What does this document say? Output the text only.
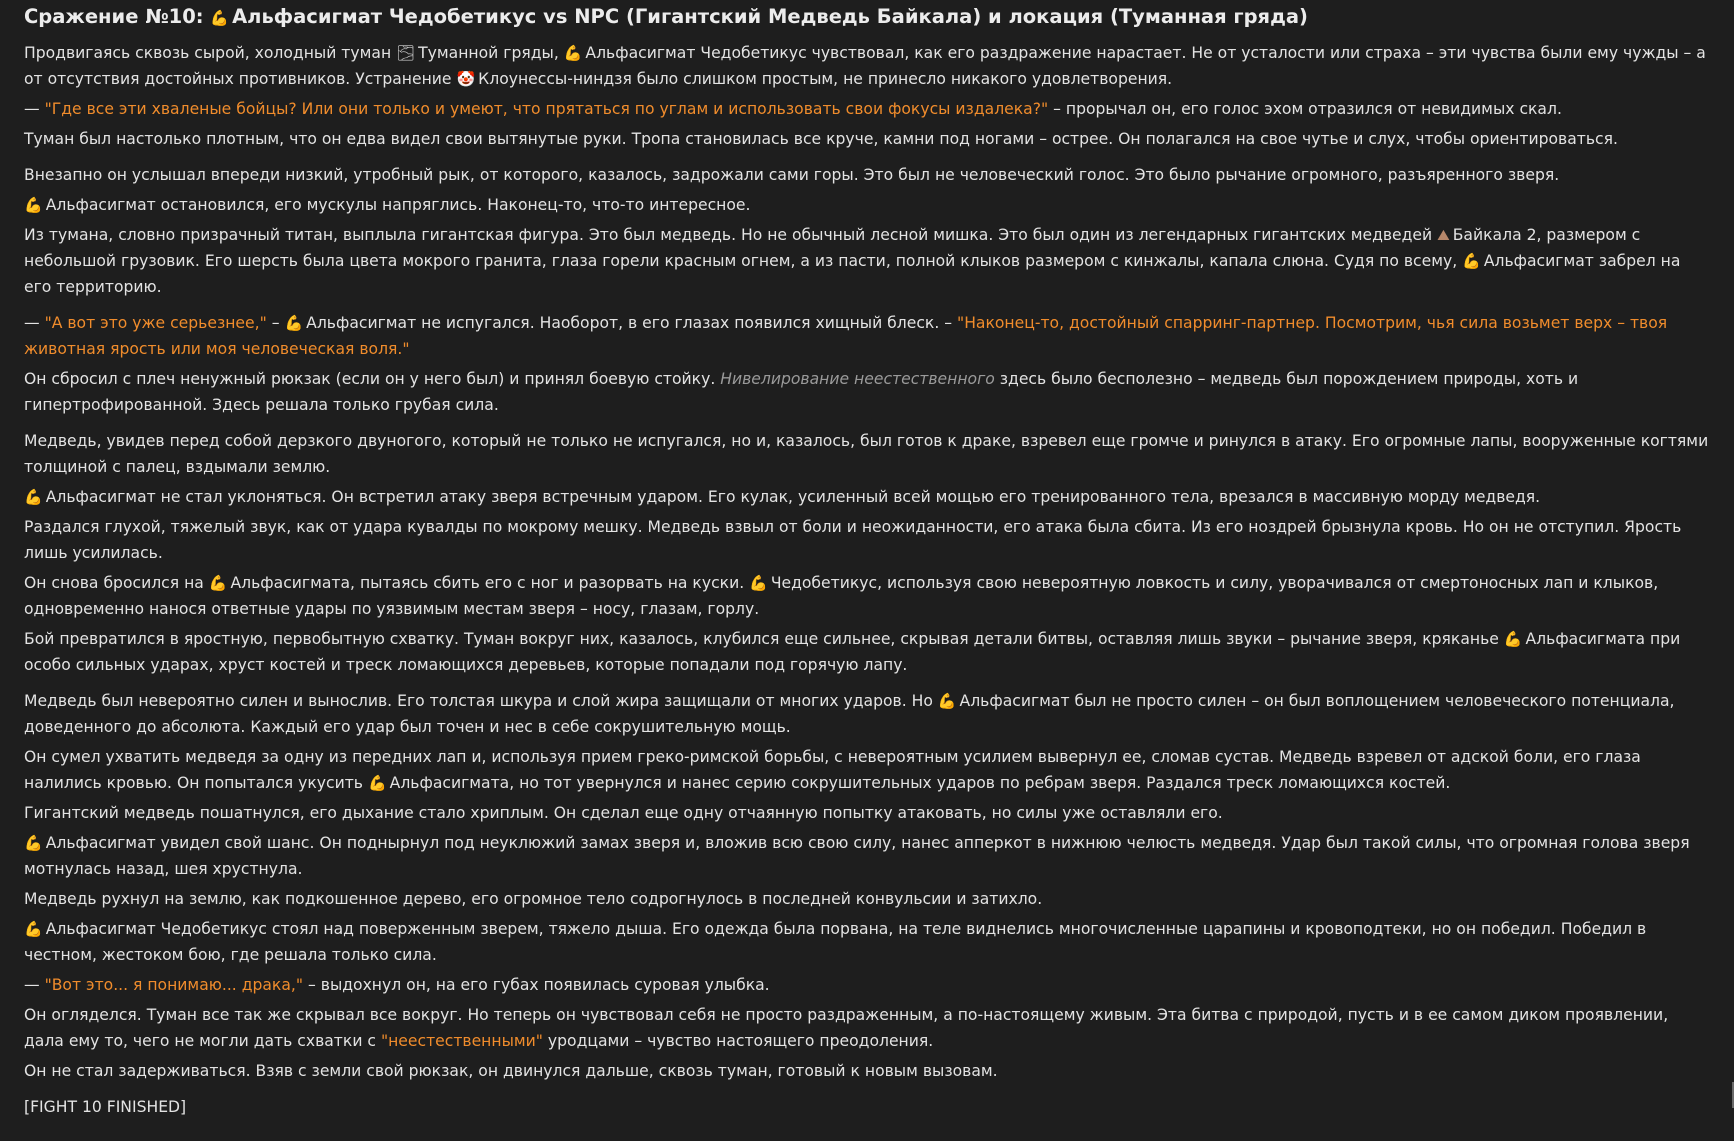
Сражение №10: 💪 Альфасигмат Чедобетикус vs NPC (Гигантский Медведь Байкала) и локация (Туманная гряда)

Продвигаясь сквозь сырой, холодный туман 🌫 Туманной гряды, 💪 Альфасигмат Чедобетикус чувствовал, как его раздражение нарастает. Не от усталости или страха – эти чувства были ему чужды – а от отсутствия достойных противников. Устранение 🤡 Клоунессы-ниндзя было слишком простым, не принесло никакого удовлетворения.

— "Где все эти хваленые бойцы? Или они только и умеют, что прятаться по углам и использовать свои фокусы издалека?" – прорычал он, его голос эхом отразился от невидимых скал.

Туман был настолько плотным, что он едва видел свои вытянутые руки. Тропа становилась все круче, камни под ногами – острее. Он полагался на свое чутье и слух, чтобы ориентироваться.

Внезапно он услышал впереди низкий, утробный рык, от которого, казалось, задрожали сами горы. Это был не человеческий голос. Это было рычание огромного, разъяренного зверя.

💪 Альфасигмат остановился, его мускулы напряглись. Наконец-то, что-то интересное.

Из тумана, словно призрачный титан, выплыла гигантская фигура. Это был медведь. Но не обычный лесной мишка. Это был один из легендарных гигантских медведей ⛰ Байкала 2, размером с небольшой грузовик. Его шерсть была цвета мокрого гранита, глаза горели красным огнем, а из пасти, полной клыков размером с кинжалы, капала слюна. Судя по всему, 💪 Альфасигмат забрел на его территорию.

— "А вот это уже серьезнее," – 💪 Альфасигмат не испугался. Наоборот, в его глазах появился хищный блеск. – "Наконец-то, достойный спарринг-партнер. Посмотрим, чья сила возьмет верх – твоя животная ярость или моя человеческая воля."

Он сбросил с плеч ненужный рюкзак (если он у него был) и принял боевую стойку. Нивелирование неестественного здесь было бесполезно – медведь был порождением природы, хоть и гипертрофированной. Здесь решала только грубая сила.

Медведь, увидев перед собой дерзкого двуногого, который не только не испугался, но и, казалось, был готов к драке, взревел еще громче и ринулся в атаку. Его огромные лапы, вооруженные когтями толщиной с палец, вздымали землю.

💪 Альфасигмат не стал уклоняться. Он встретил атаку зверя встречным ударом. Его кулак, усиленный всей мощью его тренированного тела, врезался в массивную морду медведя.

Раздался глухой, тяжелый звук, как от удара кувалды по мокрому мешку. Медведь взвыл от боли и неожиданности, его атака была сбита. Из его ноздрей брызнула кровь. Но он не отступил. Ярость лишь усилилась.

Он снова бросился на 💪 Альфасигмата, пытаясь сбить его с ног и разорвать на куски. 💪 Чедобетикус, используя свою невероятную ловкость и силу, уворачивался от смертоносных лап и клыков, одновременно нанося ответные удары по уязвимым местам зверя – носу, глазам, горлу.

Бой превратился в яростную, первобытную схватку. Туман вокруг них, казалось, клубился еще сильнее, скрывая детали битвы, оставляя лишь звуки – рычание зверя, кряканье 💪 Альфасигмата при особо сильных ударах, хруст костей и треск ломающихся деревьев, которые попадали под горячую лапу.

Медведь был невероятно силен и вынослив. Его толстая шкура и слой жира защищали от многих ударов. Но 💪 Альфасигмат был не просто силен – он был воплощением человеческого потенциала, доведенного до абсолюта. Каждый его удар был точен и нес в себе сокрушительную мощь.

Он сумел ухватить медведя за одну из передних лап и, используя прием греко-римской борьбы, с невероятным усилием вывернул ее, сломав сустав. Медведь взревел от адской боли, его глаза налились кровью. Он попытался укусить 💪 Альфасигмата, но тот увернулся и нанес серию сокрушительных ударов по ребрам зверя. Раздался треск ломающихся костей.

Гигантский медведь пошатнулся, его дыхание стало хриплым. Он сделал еще одну отчаянную попытку атаковать, но силы уже оставляли его.

💪 Альфасигмат увидел свой шанс. Он поднырнул под неуклюжий замах зверя и, вложив всю свою силу, нанес апперкот в нижнюю челюсть медведя. Удар был такой силы, что огромная голова зверя мотнулась назад, шея хрустнула.

Медведь рухнул на землю, как подкошенное дерево, его огромное тело содрогнулось в последней конвульсии и затихло.

💪 Альфасигмат Чедобетикус стоял над поверженным зверем, тяжело дыша. Его одежда была порвана, на теле виднелись многочисленные царапины и кровоподтеки, но он победил. Победил в честном, жестоком бою, где решала только сила.

— "Вот это... я понимаю... драка," – выдохнул он, на его губах появилась суровая улыбка.

Он огляделся. Туман все так же скрывал все вокруг. Но теперь он чувствовал себя не просто раздраженным, а по-настоящему живым. Эта битва с природой, пусть и в ее самом диком проявлении, дала ему то, чего не могли дать схватки с "неестественными" уродцами – чувство настоящего преодоления.

Он не стал задерживаться. Взяв с земли свой рюкзак, он двинулся дальше, сквозь туман, готовый к новым вызовам.

[FIGHT 10 FINISHED]
